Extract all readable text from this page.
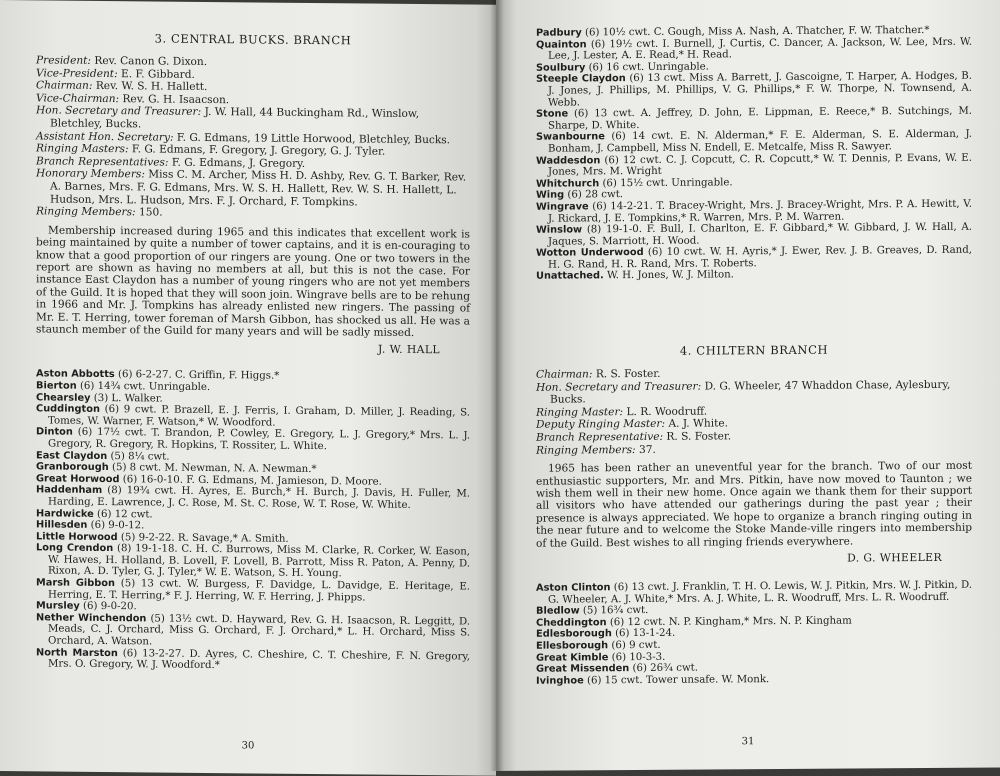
3. CENTRAL BUCKS. BRANCH

President: Rev. Canon G. Dixon.

Vice-President: E. F. Gibbard.

Chairman: Rev. W. S. H. Hallett.

Vice-Chairman: Rev. G. H. Isaacson.

Hon. Secretary and Treasurer: J. W. Hall, 44 Buckingham Rd., Winslow, Bletchley, Bucks.

Assistant Hon. Secretary: F. G. Edmans, 19 Little Horwood, Bletchley, Bucks.

Ringing Masters: F. G. Edmans, F. Gregory, J. Gregory, G. J. Tyler.

Branch Representatives: F. G. Edmans, J. Gregory.

Honorary Members: Miss C. M. Archer, Miss H. D. Ashby, Rev. G. T. Barker, Rev. A. Barnes, Mrs. F. G. Edmans, Mrs. W. S. H. Hallett, Rev. W. S. H. Hallett, L. Hudson, Mrs. L. Hudson, Mrs. F. J. Orchard, F. Tompkins.

Ringing Members: 150.

Membership increased during 1965 and this indicates that excellent work is being maintained by quite a number of tower captains, and it is en-couraging to know that a good proportion of our ringers are young. One or two towers in the report are shown as having no members at all, but this is not the case. For instance East Claydon has a number of young ringers who are not yet members of the Guild. It is hoped that they will soon join. Wingrave bells are to be rehung in 1966 and Mr. J. Tompkins has already enlisted new ringers. The passing of Mr. E. T. Herring, tower foreman of Marsh Gibbon, has shocked us all. He was a staunch member of the Guild for many years and will be sadly missed.

J. W. HALL

Aston Abbotts (6) 6-2-27. C. Griffin, F. Higgs.*

Bierton (6) 14¾ cwt. Unringable.

Chearsley (3) L. Walker.

Cuddington (6) 9 cwt. P. Brazell, E. J. Ferris, I. Graham, D. Miller, J. Reading, S. Tomes, W. Warner, F. Watson,* W. Woodford.

Dinton (6) 17½ cwt. T. Brandon, P. Cowley, E. Gregory, L. J. Gregory,* Mrs. L. J. Gregory, R. Gregory, R. Hopkins, T. Rossiter, L. White.

East Claydon (5) 8¼ cwt.

Granborough (5) 8 cwt. M. Newman, N. A. Newman.*

Great Horwood (6) 16-0-10. F. G. Edmans, M. Jamieson, D. Moore.

Haddenham (8) 19¾ cwt. H. Ayres, E. Burch,* H. Burch, J. Davis, H. Fuller, M. Harding, E. Lawrence, J. C. Rose, M. St. C. Rose, W. T. Rose, W. White.

Hardwicke (6) 12 cwt.

Hillesden (6) 9-0-12.

Little Horwood (5) 9-2-22. R. Savage,* A. Smith.

Long Crendon (8) 19-1-18. C. H. C. Burrows, Miss M. Clarke, R. Corker, W. Eason, W. Hawes, H. Holland, B. Lovell, F. Lovell, B. Parrott, Miss R. Paton, A. Penny, D. Rixon, A. D. Tyler, G. J. Tyler,* W. E. Watson, S. H. Young.

Marsh Gibbon (5) 13 cwt. W. Burgess, F. Davidge, L. Davidge, E. Heritage, E. Herring, E. T. Herring,* F. J. Herring, W. F. Herring, J. Phipps.

Mursley (6) 9-0-20.

Nether Winchendon (5) 13½ cwt. D. Hayward, Rev. G. H. Isaacson, R. Leggitt, D. Meads, C. J. Orchard, Miss G. Orchard, F. J. Orchard,* L. H. Orchard, Miss S. Orchard, A. Watson.

North Marston (6) 13-2-27. D. Ayres, C. Cheshire, C. T. Cheshire, F. N. Gregory, Mrs. O. Gregory, W. J. Woodford.*

30

Padbury (6) 10½ cwt. C. Gough, Miss A. Nash, A. Thatcher, F. W. Thatcher.*

Quainton (6) 19½ cwt. I. Burnell, J. Curtis, C. Dancer, A. Jackson, W. Lee, Mrs. W. Lee, J. Lester, A. E. Read,* H. Read.

Soulbury (6) 16 cwt. Unringable.

Steeple Claydon (6) 13 cwt. Miss A. Barrett, J. Gascoigne, T. Harper, A. Hodges, B. J. Jones, J. Phillips, M. Phillips, V. G. Phillips,* F. W. Thorpe, N. Townsend, A. Webb.

Stone (6) 13 cwt. A. Jeffrey, D. John, E. Lippman, E. Reece,* B. Sutchings, M. Sharpe, D. White.

Swanbourne (6) 14 cwt. E. N. Alderman,* F. E. Alderman, S. E. Alderman, J. Bonham, J. Campbell, Miss N. Endell, E. Metcalfe, Miss R. Sawyer.

Waddesdon (6) 12 cwt. C. J. Copcutt, C. R. Copcutt,* W. T. Dennis, P. Evans, W. E. Jones, Mrs. M. Wright

Whitchurch (6) 15½ cwt. Unringable.

Wing (6) 28 cwt.

Wingrave (6) 14-2-21. T. Bracey-Wright, Mrs. J. Bracey-Wright, Mrs. P. A. Hewitt, V. J. Rickard, J. E. Tompkins,* R. Warren, Mrs. P. M. Warren.

Winslow (8) 19-1-0. F. Bull, I. Charlton, E. F. Gibbard,* W. Gibbard, J. W. Hall, A. Jaques, S. Marriott, H. Wood.

Wotton Underwood (6) 10 cwt. W. H. Ayris,* J. Ewer, Rev. J. B. Greaves, D. Rand, H. G. Rand, H. R. Rand, Mrs. T. Roberts.

Unattached. W. H. Jones, W. J. Milton.

4. CHILTERN BRANCH

Chairman: R. S. Foster.

Hon. Secretary and Treasurer: D. G. Wheeler, 47 Whaddon Chase, Aylesbury, Bucks.

Ringing Master: L. R. Woodruff.

Deputy Ringing Master: A. J. White.

Branch Representative: R. S. Foster.

Ringing Members: 37.

1965 has been rather an uneventful year for the branch. Two of our most enthusiastic supporters, Mr. and Mrs. Pitkin, have now moved to Taunton ; we wish them well in their new home. Once again we thank them for their support all visitors who have attended our gatherings during the past year ; their presence is always appreciated. We hope to organize a branch ringing outing in the near future and to welcome the Stoke Mande-ville ringers into membership of the Guild. Best wishes to all ringing friends everywhere.

D. G. WHEELER

Aston Clinton (6) 13 cwt. J. Franklin, T. H. O. Lewis, W. J. Pitkin, Mrs. W. J. Pitkin, D. G. Wheeler, A. J. White,* Mrs. A. J. White, L. R. Woodruff, Mrs. L. R. Woodruff.

Bledlow (5) 16¾ cwt.

Cheddington (6) 12 cwt. N. P. Kingham,* Mrs. N. P. Kingham

Edlesborough (6) 13-1-24.

Ellesborough (6) 9 cwt.

Great Kimble (6) 10-3-3.

Great Missenden (6) 26¾ cwt.

Ivinghoe (6) 15 cwt. Tower unsafe. W. Monk.

31
